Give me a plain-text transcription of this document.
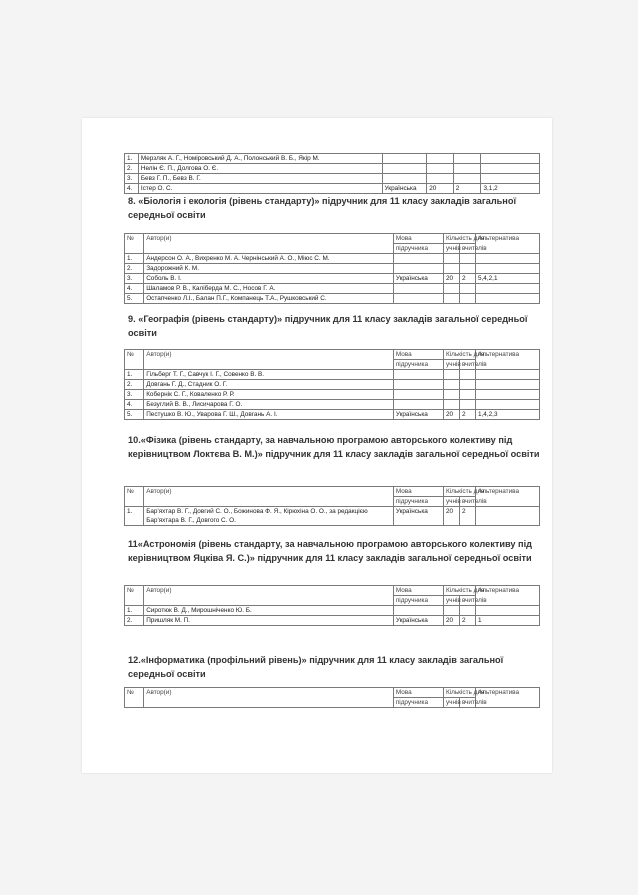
1.	Мерзляк А. Г., Номіровський Д. А., Полонський В. Б., Якір М.				
2.	Нелін Є. П., Долгова О. Є.				
3.	Бевз Г. П., Бевз В. Г.				
4.	Істер О. С.	Українська	20	2	3,1,2
8. «Біологія і екологія (рівень стандарту)» підручник для 11 класу закладів загальної середньої освіти
№	Автор(и)	Мова	Кількість для		Альтернатива
		підручника	учнів	вчителів	
1.	Андерсон О. А., Вихренко М. А. Чернінський А. О., Міюс С. М.				
2.	Задорожний К. М.				
3.	Соболь В. І.	Українська	20	2	5,4,2,1
4.	Шаламов Р. В., Каліберда М. С., Носов Г. А.				
5.	Остапченко Л.І., Балан П.Г., Компанець Т.А., Рушковський С.				
9. «Географія (рівень стандарту)» підручник для 11 класу закладів загальної середньої освіти
№	Автор(и)	Мова	Кількість для		Альтернатива
		підручника	учнів	вчителів	
1.	Гільберг Т. Г., Савчук І. Г., Совенко В. В.				
2.	Довгань Г. Д., Стадник О. Г.				
3.	Кобернік С. Г., Коваленко Р. Р.				
4.	Безуглий В. В., Лисичарова Г. О.				
5.	Пестушко В. Ю., Уварова Г. Ш., Довгань А. І.	Українська	20	2	1,4,2,3
10.«Фізика (рівень стандарту, за навчальною програмою авторського колективу під керівництвом Локтєва В. М.)» підручник для 11 класу закладів загальної середньої освіти
№	Автор(и)	Мова	Кількість для		Альтернатива
		підручника	учнів	вчителів	
1.	Бар'яхтар В. Г., Довгий С. О., Божинова Ф. Я., Кірюхіна О. О., за редакцією Бар'яхтара В. Г., Довгого С. О.	Українська	20	2	
11«Астрономія (рівень стандарту, за навчальною програмою авторського колективу під керівництвом Яцківа Я. С.)» підручник для 11 класу закладів загальної середньої освіти
№	Автор(и)	Мова	Кількість для		Альтернатива
		підручника	учнів	вчителів	
1.	Сиротюк В. Д., Мирошніченко Ю. Б.				
2.	Пришляк М. П.	Українська	20	2	1
12.«Інформатика (профільний рівень)» підручник для 11 класу закладів загальної середньої освіти
№	Автор(и)	Мова	Кількість для		Альтернатива
		підручника	учнів	вчителів	
